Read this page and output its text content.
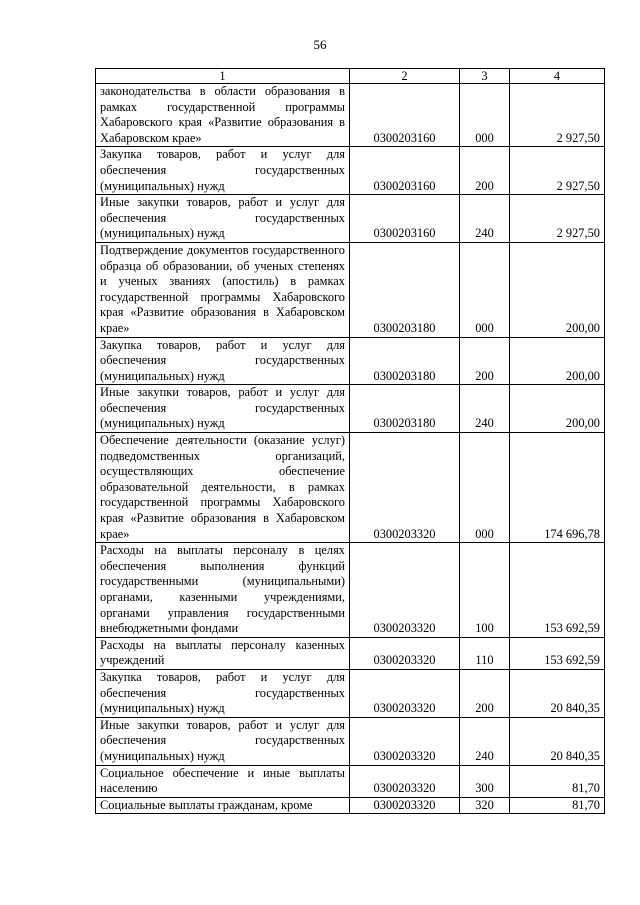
56
1	2	3	4
законодательства в области образования в рамках государственной программы Хабаровского края «Развитие образования в Хабаровском крае»	0300203160	000	2 927,50
Закупка товаров, работ и услуг для обеспечения государственных (муниципальных) нужд	0300203160	200	2 927,50
Иные закупки товаров, работ и услуг для обеспечения государственных (муниципальных) нужд	0300203160	240	2 927,50
Подтверждение документов государственного образца об образовании, об ученых степенях и ученых званиях (апостиль) в рамках государственной программы Хабаровского края «Развитие образования в Хабаровском крае»	0300203180	000	200,00
Закупка товаров, работ и услуг для обеспечения государственных (муниципальных) нужд	0300203180	200	200,00
Иные закупки товаров, работ и услуг для обеспечения государственных (муниципальных) нужд	0300203180	240	200,00
Обеспечение деятельности (оказание услуг) подведомственных организаций, осуществляющих обеспечение образовательной деятельности, в рамках государственной программы Хабаровского края «Развитие образования в Хабаровском крае»	0300203320	000	174 696,78
Расходы на выплаты персоналу в целях обеспечения выполнения функций государственными (муниципальными) органами, казенными учреждениями, органами управления государственными внебюджетными фондами	0300203320	100	153 692,59
Расходы на выплаты персоналу казенных учреждений	0300203320	110	153 692,59
Закупка товаров, работ и услуг для обеспечения государственных (муниципальных) нужд	0300203320	200	20 840,35
Иные закупки товаров, работ и услуг для обеспечения государственных (муниципальных) нужд	0300203320	240	20 840,35
Социальное обеспечение и иные выплаты населению	0300203320	300	81,70
Социальные выплаты гражданам, кроме	0300203320	320	81,70
